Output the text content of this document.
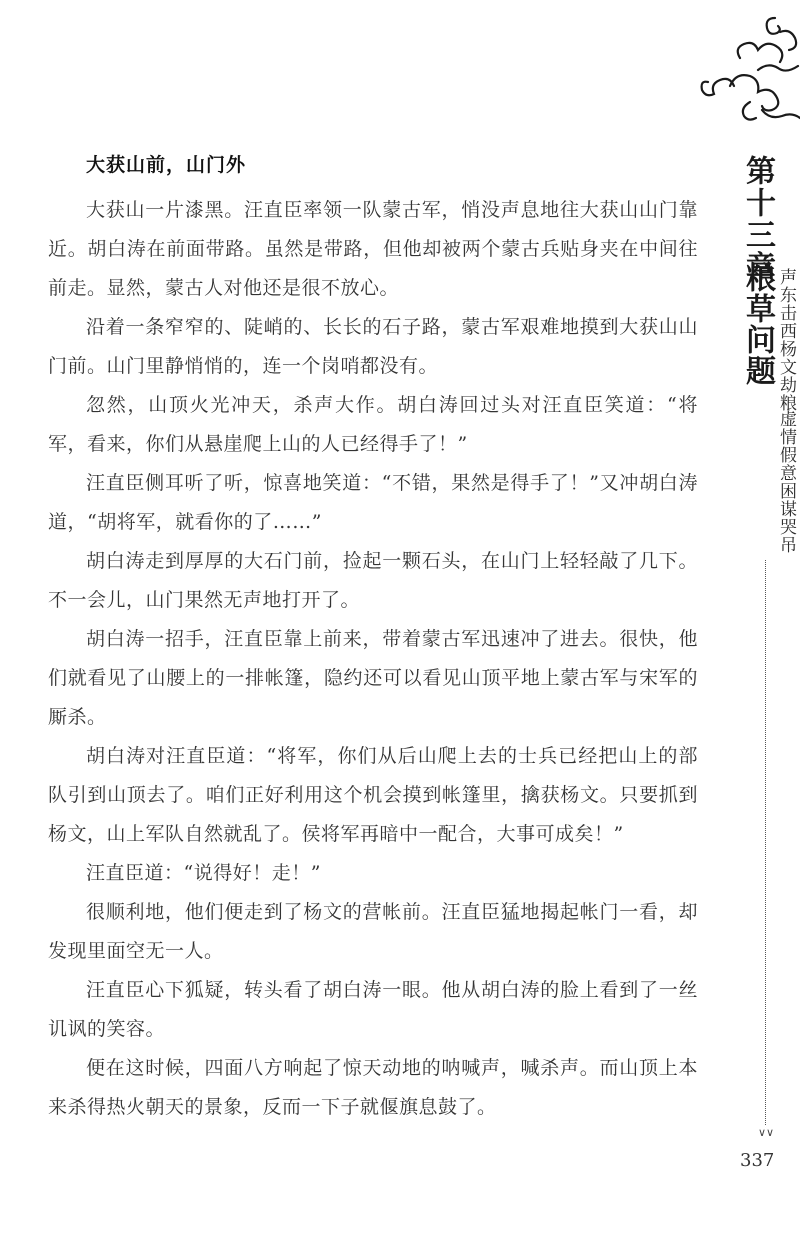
第十三章
粮草问题 声东击西杨文劫粮
虚情假意困谋哭吊
∨∨
337
大获山前，山门外

大获山一片漆黑。汪直臣率领一队蒙古军，悄没声息地往大获山山门靠近。胡白涛在前面带路。虽然是带路，但他却被两个蒙古兵贴身夹在中间往前走。显然，蒙古人对他还是很不放心。

沿着一条窄窄的、陡峭的、长长的石子路，蒙古军艰难地摸到大获山山门前。山门里静悄悄的，连一个岗哨都没有。

忽然，山顶火光冲天，杀声大作。胡白涛回过头对汪直臣笑道：“将军，看来，你们从悬崖爬上山的人已经得手了！”

汪直臣侧耳听了听，惊喜地笑道：“不错，果然是得手了！”又冲胡白涛道，“胡将军，就看你的了……”

胡白涛走到厚厚的大石门前，捡起一颗石头，在山门上轻轻敲了几下。不一会儿，山门果然无声地打开了。

胡白涛一招手，汪直臣靠上前来，带着蒙古军迅速冲了进去。很快，他们就看见了山腰上的一排帐篷，隐约还可以看见山顶平地上蒙古军与宋军的厮杀。

胡白涛对汪直臣道：“将军，你们从后山爬上去的士兵已经把山上的部队引到山顶去了。咱们正好利用这个机会摸到帐篷里，擒获杨文。只要抓到杨文，山上军队自然就乱了。侯将军再暗中一配合，大事可成矣！”

汪直臣道：“说得好！走！”

很顺利地，他们便走到了杨文的营帐前。汪直臣猛地揭起帐门一看，却发现里面空无一人。

汪直臣心下狐疑，转头看了胡白涛一眼。他从胡白涛的脸上看到了一丝讥讽的笑容。

便在这时候，四面八方响起了惊天动地的呐喊声，喊杀声。而山顶上本来杀得热火朝天的景象，反而一下子就偃旗息鼓了。
